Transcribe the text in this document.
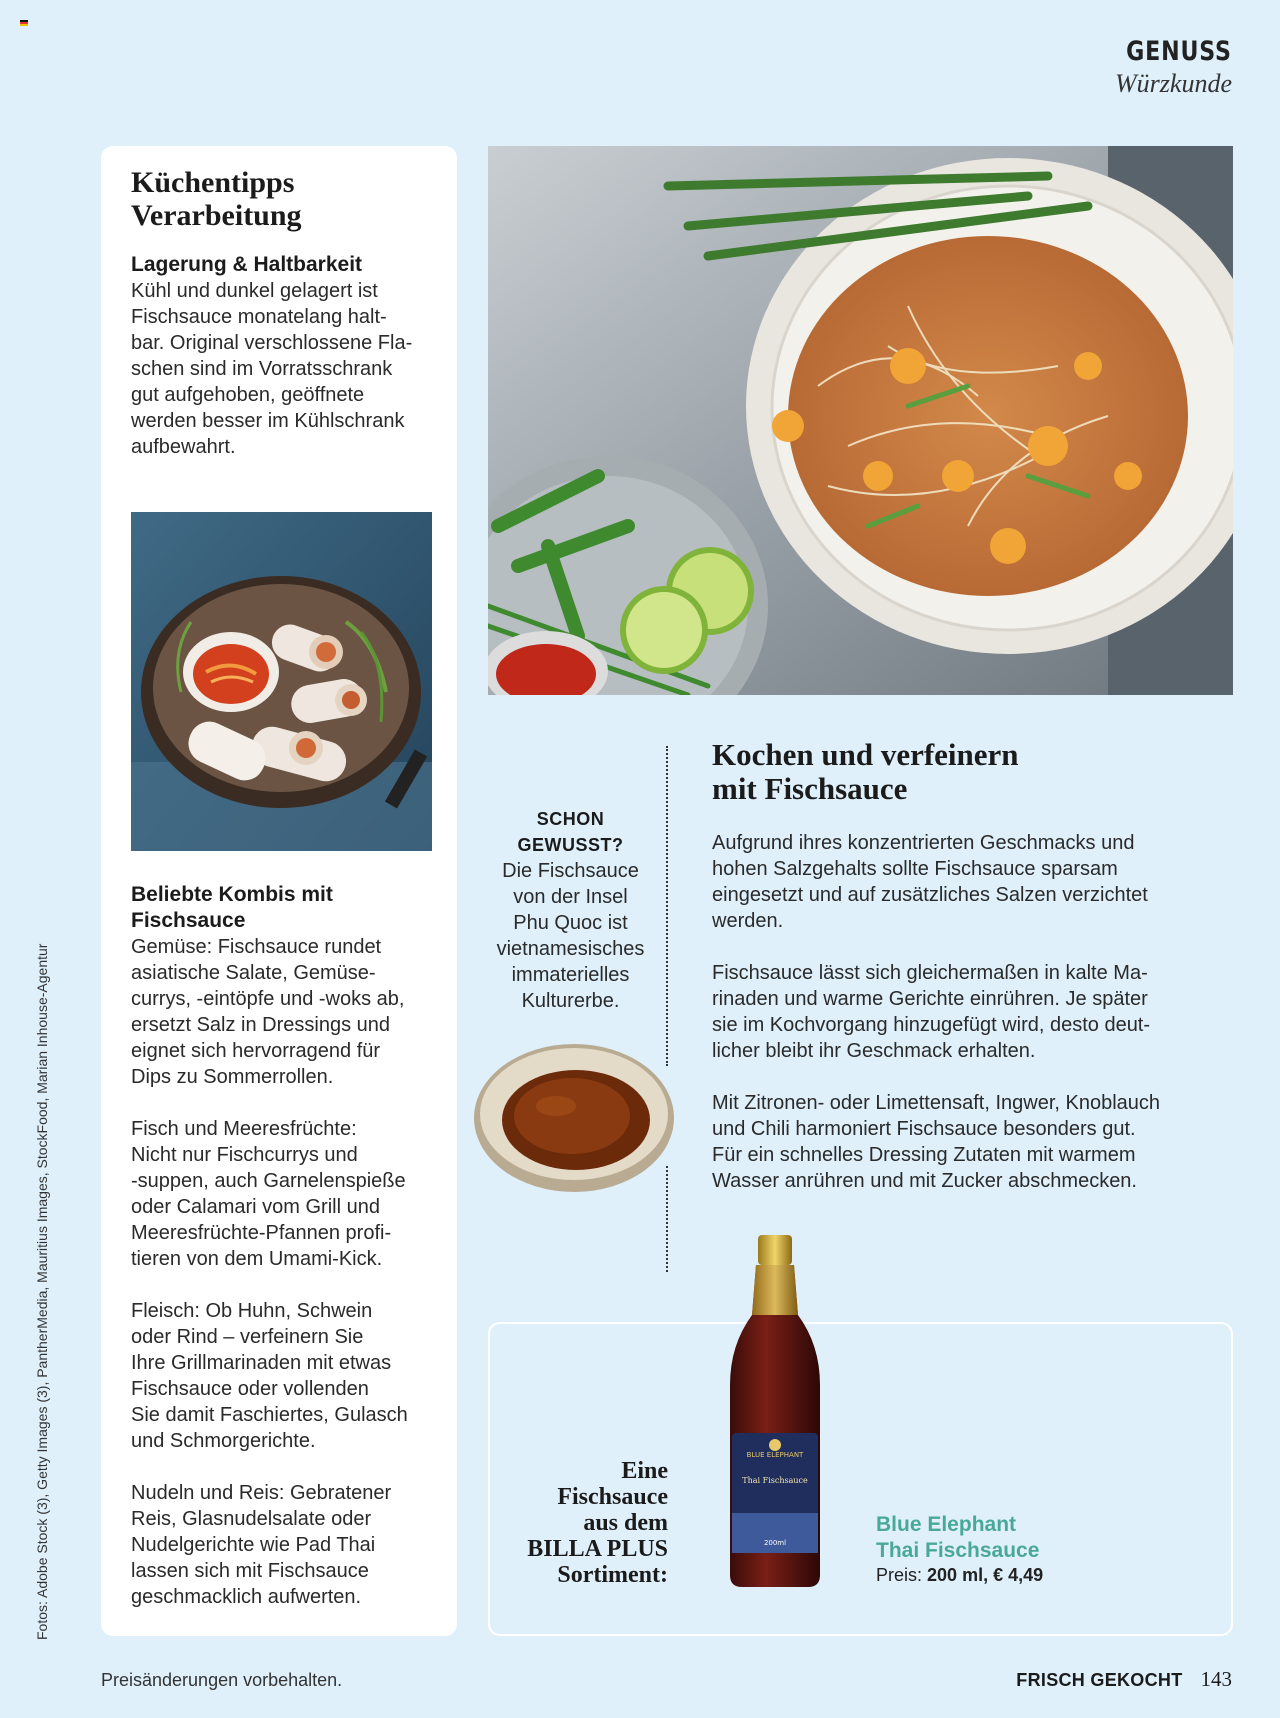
GENUSS
Würzkunde
Fotos: Adobe Stock (3), Getty Images (3), PantherMedia, Mauritius Images, StockFood, Marian Inhouse-Agentur
Küchentipps
Verarbeitung
Lagerung & Haltbarkeit
Kühl und dunkel gelagert ist
Fischsauce monatelang halt-
bar. Original verschlossene Fla-
schen sind im Vorratsschrank
gut aufgehoben, geöffnete
werden besser im Kühlschrank
aufbewahrt.
Beliebte Kombis mit
Fischsauce
Gemüse: Fischsauce rundet
asiatische Salate, Gemüse-
currys, -eintöpfe und -woks ab,
ersetzt Salz in Dressings und
eignet sich hervorragend für
Dips zu Sommerrollen.
Fisch und Meeresfrüchte:
Nicht nur Fischcurrys und
-suppen, auch Garnelenspieße
oder Calamari vom Grill und
Meeresfrüchte-Pfannen profi-
tieren von dem Umami-Kick.
Fleisch: Ob Huhn, Schwein
oder Rind – verfeinern Sie
Ihre Grillmarinaden mit etwas
Fischsauce oder vollenden
Sie damit Faschiertes, Gulasch
und Schmorgerichte.
Nudeln und Reis: Gebratener
Reis, Glasnudelsalate oder
Nudelgerichte wie Pad Thai
lassen sich mit Fischsauce
geschmacklich aufwerten.
SCHON
GEWUSST?
Die Fischsauce
von der Insel
Phu Quoc ist
vietnamesisches
immaterielles
Kulturerbe.
Kochen und verfeinern
mit Fischsauce
Aufgrund ihres konzentrierten Geschmacks und
hohen Salzgehalts sollte Fischsauce sparsam
eingesetzt und auf zusätzliches Salzen verzichtet
werden.
Fischsauce lässt sich gleichermaßen in kalte Ma-
rinaden und warme Gerichte einrühren. Je später
sie im Kochvorgang hinzugefügt wird, desto deut-
licher bleibt ihr Geschmack erhalten.
Mit Zitronen- oder Limettensaft, Ingwer, Knoblauch
und Chili harmoniert Fischsauce besonders gut.
Für ein schnelles Dressing Zutaten mit warmem
Wasser anrühren und mit Zucker abschmecken.
Eine
Fischsauce
aus dem
BILLA PLUS
Sortiment:
BLUE ELEPHANT
Thai Fischsauce
200ml
Blue Elephant
Thai Fischsauce
Preis: 200 ml, € 4,49
Preisänderungen vorbehalten.	FRISCH GEKOCHT 143
